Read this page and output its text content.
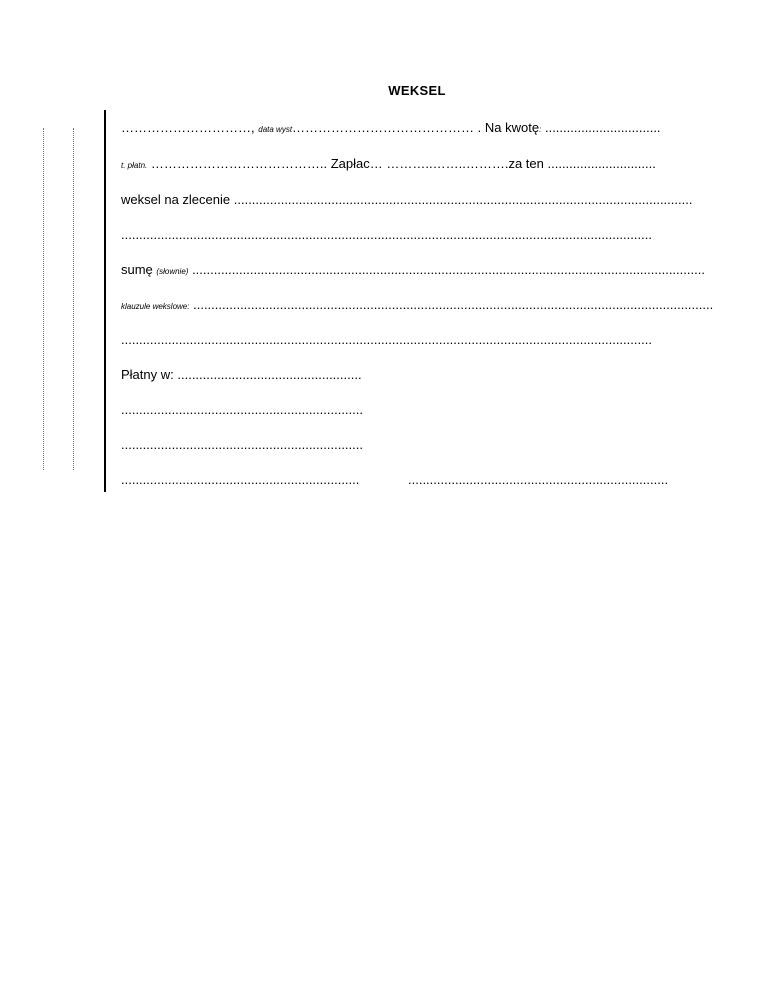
WEKSEL
…………………………, data wyst…………………………………… . Na kwotę: ................................
t. płatn. ………………………………….. Zapłac… ………..……..……….za ten ..............................
weksel na zlecenie ...............................................................................................................................
...................................................................................................................................................
sumę (słownie) ..............................................................................................................................................
klauzule wekslowe: ................................................................................................................................................
...................................................................................................................................................
Płatny w: ...................................................
...................................................................
...................................................................
..................................................................	........................................................................
